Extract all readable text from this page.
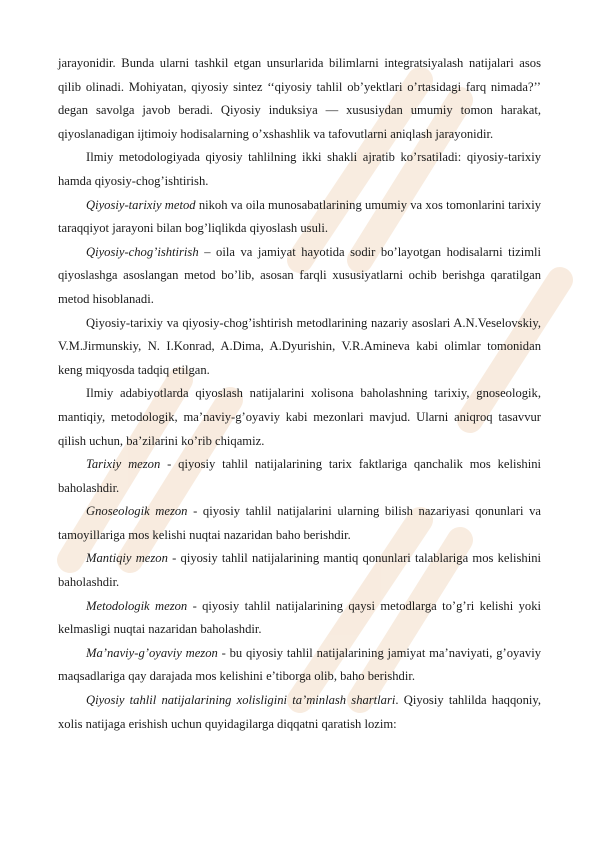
jarayonidir. Bunda ularni tashkil etgan unsurlarida bilimlarni integratsiyalash natijalari asos qilib olinadi. Mohiyatan, qiyosiy sintez ‘‘qiyosiy tahlil ob’yektlari o’rtasidagi farq nimada?’’ degan savolga javob beradi. Qiyosiy induksiya — xususiydan umumiy tomon harakat, qiyoslanadigan ijtimoiy hodisalarning o’xshashlik va tafovutlarni aniqlash jarayonidir.

Ilmiy metodologiyada qiyosiy tahlilning ikki shakli ajratib ko’rsatiladi: qiyosiy-tarixiy hamda qiyosiy-chog’ishtirish.

Qiyosiy-tarixiy metod nikoh va oila munosabatlarining umumiy va xos tomonlarini tarixiy taraqqiyot jarayoni bilan bog’liqlikda qiyoslash usuli.

Qiyosiy-chog’ishtirish – oila va jamiyat hayotida sodir bo’layotgan hodisalarni tizimli qiyoslashga asoslangan metod bo’lib, asosan farqli xususiyatlarni ochib berishga qaratilgan metod hisoblanadi.

Qiyosiy-tarixiy va qiyosiy-chog’ishtirish metodlarining nazariy asoslari A.N.Veselovskiy, V.M.Jirmunskiy, N. I.Konrad, A.Dima, A.Dyurishin, V.R.Amineva kabi olimlar tomonidan keng miqyosda tadqiq etilgan.

Ilmiy adabiyotlarda qiyoslash natijalarini xolisona baholashning tarixiy, gnoseologik, mantiqiy, metodologik, ma’naviy-g’oyaviy kabi mezonlari mavjud. Ularni aniqroq tasavvur qilish uchun, ba’zilarini ko’rib chiqamiz.

Tarixiy mezon - qiyosiy tahlil natijalarining tarix faktlariga qanchalik mos kelishini baholashdir.

Gnoseologik mezon - qiyosiy tahlil natijalarini ularning bilish nazariyasi qonunlari va tamoyillariga mos kelishi nuqtai nazaridan baho berishdir.

Mantiqiy mezon - qiyosiy tahlil natijalarining mantiq qonunlari talablariga mos kelishini baholashdir.

Metodologik mezon - qiyosiy tahlil natijalarining qaysi metodlarga to’g’ri kelishi yoki kelmasligi nuqtai nazaridan baholashdir.

Ma’naviy-g’oyaviy mezon - bu qiyosiy tahlil natijalarining jamiyat ma’naviyati, g’oyaviy maqsadlariga qay darajada mos kelishini e’tiborga olib, baho berishdir.

Qiyosiy tahlil natijalarining xolisligini ta’minlash shartlari. Qiyosiy tahlilda haqqoniy, xolis natijaga erishish uchun quyidagilarga diqqatni qaratish lozim:
